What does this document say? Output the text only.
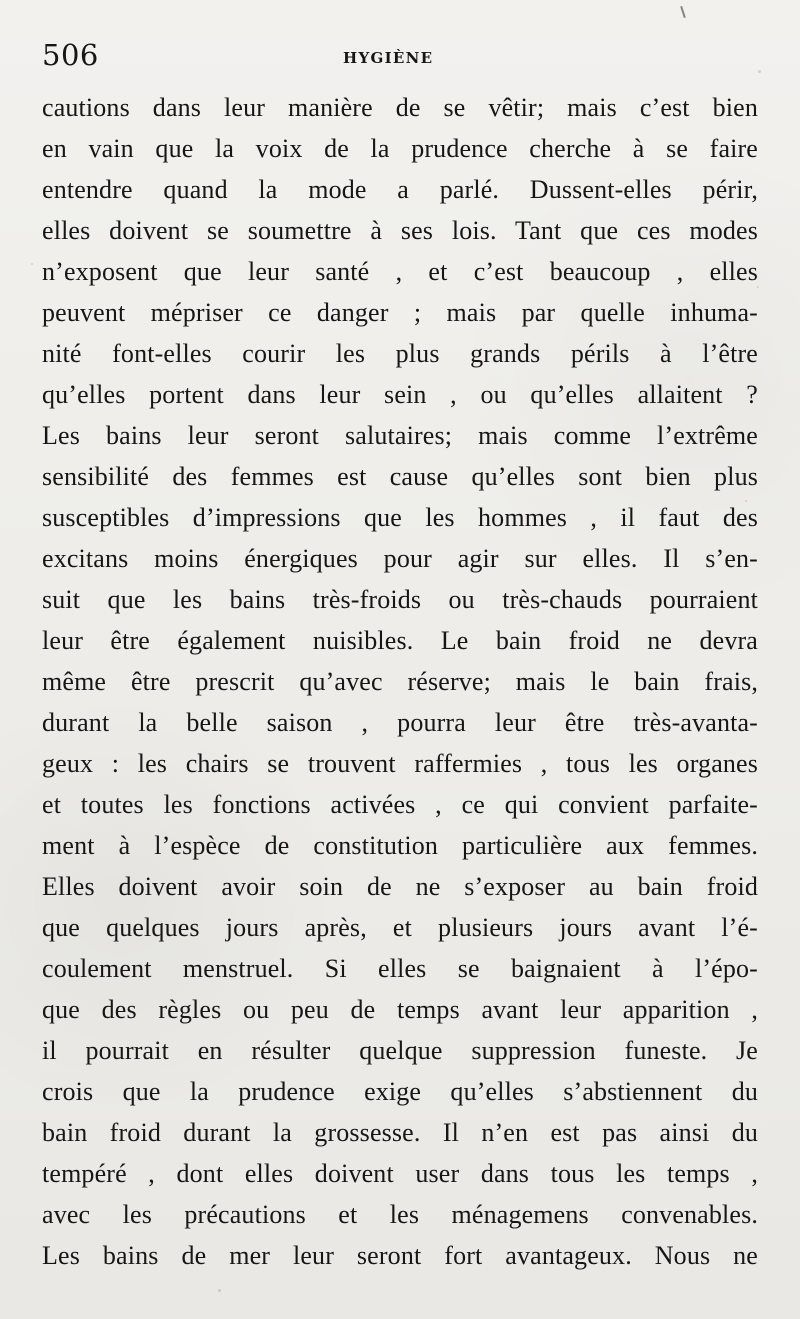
506	HYGIÈNE
cautions dans leur manière de se vêtir; mais c’est bien
en vain que la voix de la prudence cherche à se faire
entendre quand la mode a parlé. Dussent-elles périr,
elles doivent se soumettre à ses lois. Tant que ces modes
n’exposent que leur santé , et c’est beaucoup , elles
peuvent mépriser ce danger ; mais par quelle inhuma-
nité font-elles courir les plus grands périls à l’être
qu’elles portent dans leur sein , ou qu’elles allaitent ?
Les bains leur seront salutaires; mais comme l’extrême
sensibilité des femmes est cause qu’elles sont bien plus
susceptibles d’impressions que les hommes , il faut des
excitans moins énergiques pour agir sur elles. Il s’en-
suit que les bains très-froids ou très-chauds pourraient
leur être également nuisibles. Le bain froid ne devra
même être prescrit qu’avec réserve; mais le bain frais,
durant la belle saison , pourra leur être très-avanta-
geux : les chairs se trouvent raffermies , tous les organes
et toutes les fonctions activées , ce qui convient parfaite-
ment à l’espèce de constitution particulière aux femmes.
Elles doivent avoir soin de ne s’exposer au bain froid
que quelques jours après, et plusieurs jours avant l’é-
coulement menstruel. Si elles se baignaient à l’épo-
que des règles ou peu de temps avant leur apparition ,
il pourrait en résulter quelque suppression funeste. Je
crois que la prudence exige qu’elles s’abstiennent du
bain froid durant la grossesse. Il n’en est pas ainsi du
tempéré , dont elles doivent user dans tous les temps ,
avec les précautions et les ménagemens convenables.
Les bains de mer leur seront fort avantageux. Nous ne
